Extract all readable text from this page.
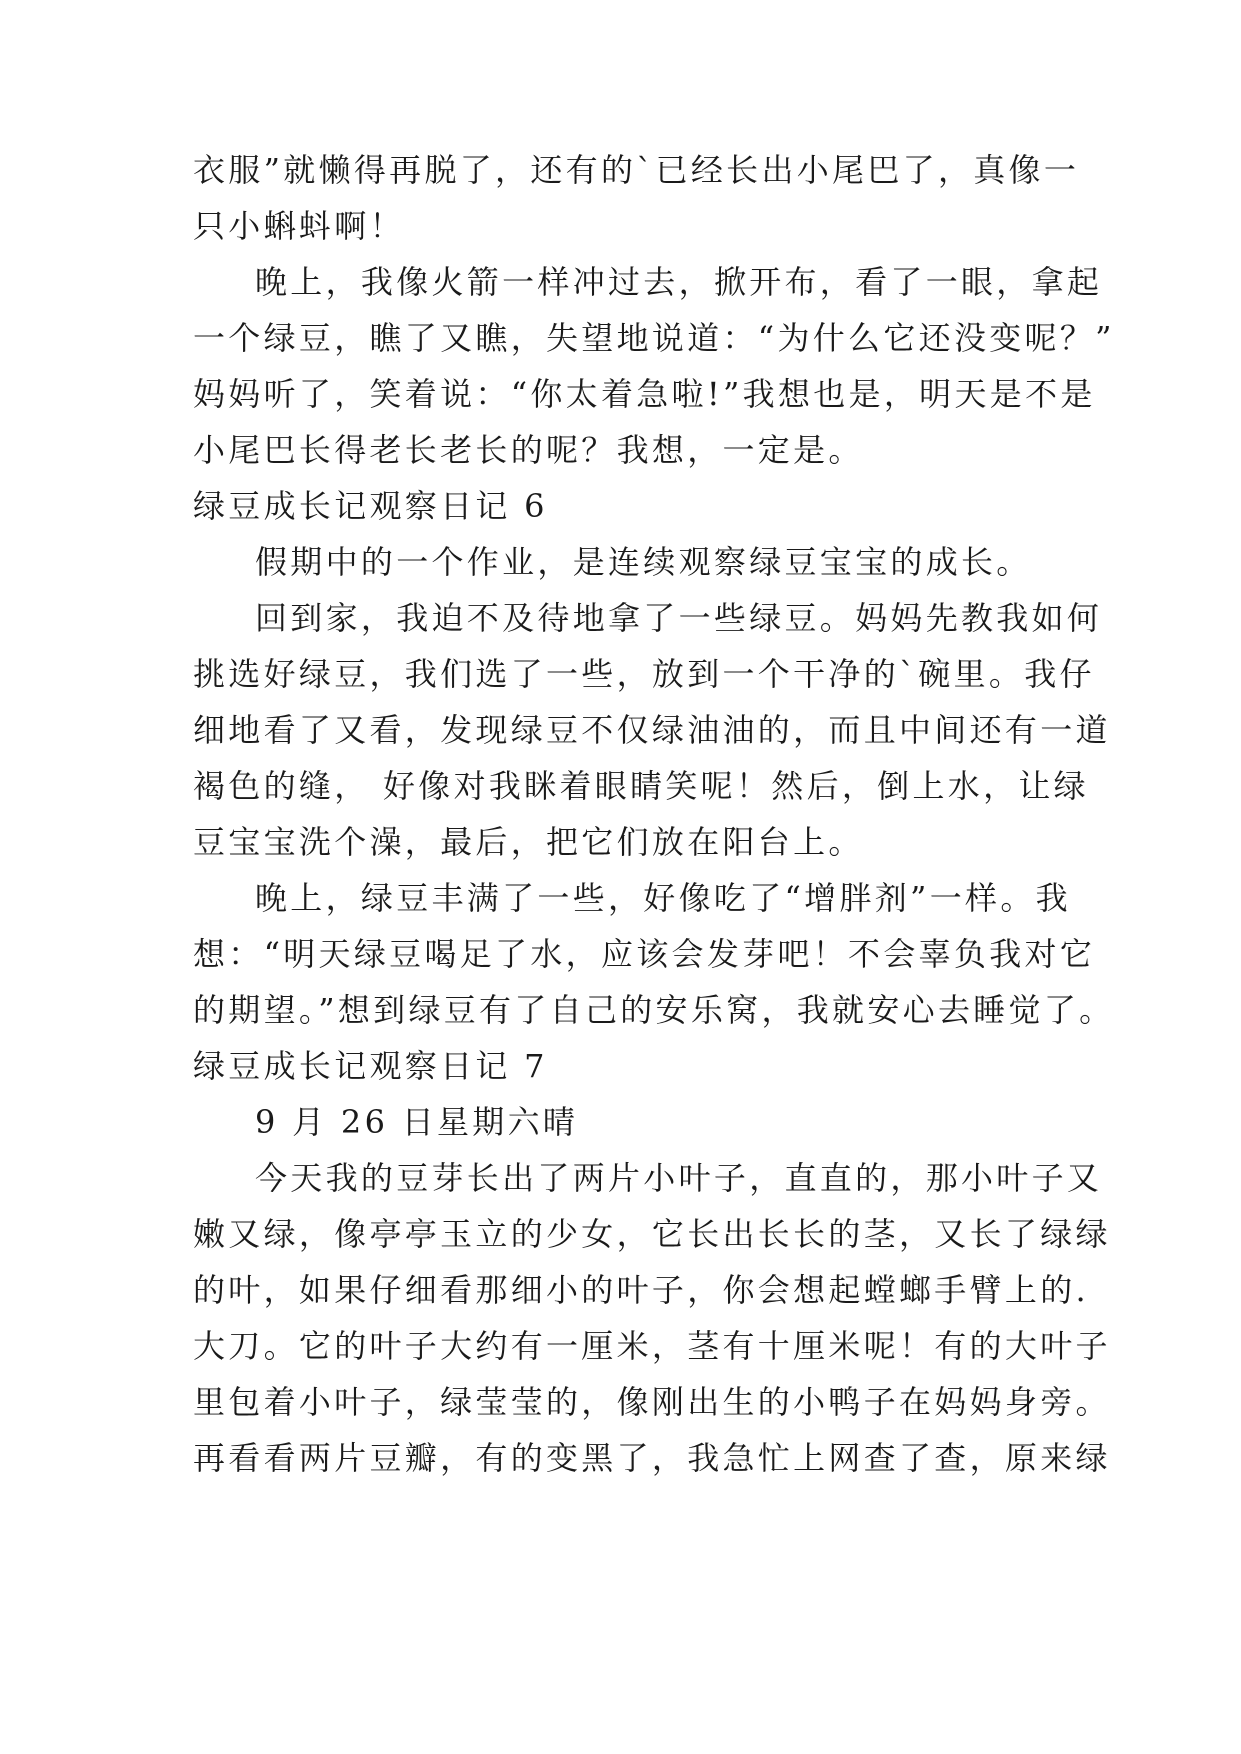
衣服”就懒得再脱了，还有的`已经长出小尾巴了，真像一
只小蝌蚪啊！
晚上，我像火箭一样冲过去，掀开布，看了一眼，拿起
一个绿豆，瞧了又瞧，失望地说道：“为什么它还没变呢？”
妈妈听了，笑着说：“你太着急啦!”我想也是，明天是不是
小尾巴长得老长老长的呢？我想，一定是。
绿豆成长记观察日记 6
假期中的一个作业，是连续观察绿豆宝宝的成长。
回到家，我迫不及待地拿了一些绿豆。妈妈先教我如何
挑选好绿豆，我们选了一些，放到一个干净的`碗里。我仔
细地看了又看，发现绿豆不仅绿油油的，而且中间还有一道
褐色的缝， 好像对我眯着眼睛笑呢！然后，倒上水，让绿
豆宝宝洗个澡，最后，把它们放在阳台上。
晚上，绿豆丰满了一些，好像吃了“增胖剂”一样。我
想：“明天绿豆喝足了水，应该会发芽吧！不会辜负我对它
的期望。”想到绿豆有了自己的安乐窝，我就安心去睡觉了。
绿豆成长记观察日记 7
9 月 26 日星期六晴
今天我的豆芽长出了两片小叶子，直直的，那小叶子又
嫩又绿，像亭亭玉立的少女，它长出长长的茎，又长了绿绿
的叶，如果仔细看那细小的叶子，你会想起螳螂手臂上的.
大刀。它的叶子大约有一厘米，茎有十厘米呢！有的大叶子
里包着小叶子，绿莹莹的，像刚出生的小鸭子在妈妈身旁。
再看看两片豆瓣，有的变黑了，我急忙上网查了查，原来绿
